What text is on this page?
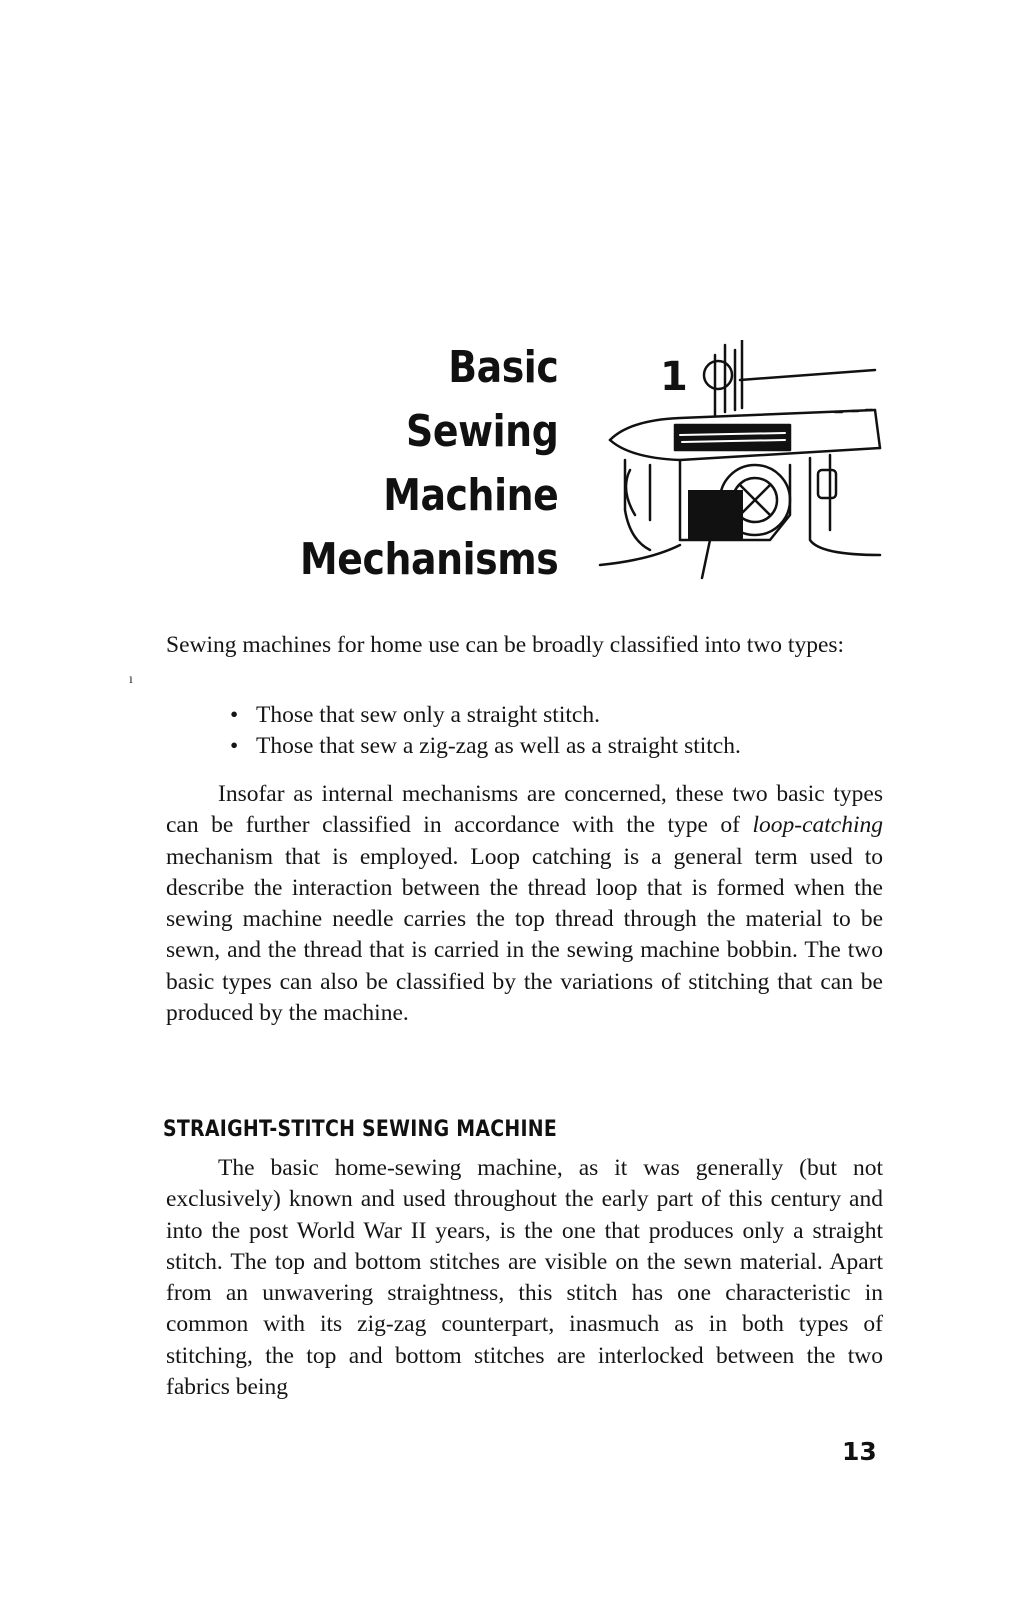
Basic
Sewing
Machine
Mechanisms
1
ı
Sewing machines for home use can be broadly classified into two types:
• Those that sew only a straight stitch.
• Those that sew a zig-zag as well as a straight stitch.
Insofar as internal mechanisms are concerned, these two basic types can be further classified in accordance with the type of loop-catching mechanism that is employed. Loop catching is a general term used to describe the interaction between the thread loop that is formed when the sewing machine needle carries the top thread through the material to be sewn, and the thread that is carried in the sewing machine bobbin. The two basic types can also be classified by the variations of stitching that can be produced by the machine.
STRAIGHT-STITCH SEWING MACHINE
The basic home-sewing machine, as it was generally (but not exclusively) known and used throughout the early part of this century and into the post World War II years, is the one that produces only a straight stitch. The top and bottom stitches are visible on the sewn material. Apart from an unwavering straightness, this stitch has one characteristic in common with its zig-zag counterpart, inasmuch as in both types of stitching, the top and bottom stitches are interlocked between the two fabrics being
13
